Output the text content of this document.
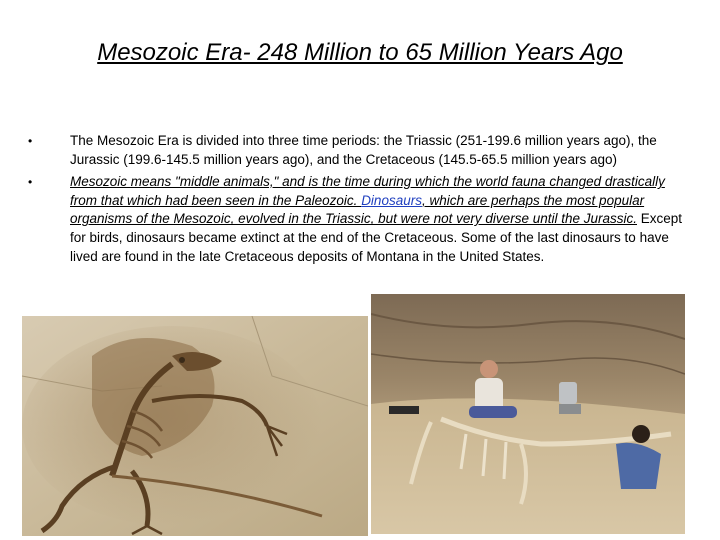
Mesozoic Era- 248 Million to 65 Million Years Ago
•	The Mesozoic Era is divided into three time periods: the Triassic (251-199.6 million years ago), the Jurassic (199.6-145.5 million years ago), and the Cretaceous (145.5-65.5 million years ago)
•	Mesozoic means "middle animals," and is the time during which the world fauna changed drastically from that which had been seen in the Paleozoic. Dinosaurs, which are perhaps the most popular organisms of the Mesozoic, evolved in the Triassic, but were not very diverse until the Jurassic. Except for birds, dinosaurs became extinct at the end of the Cretaceous. Some of the last dinosaurs to have lived are found in the late Cretaceous deposits of Montana in the United States.
